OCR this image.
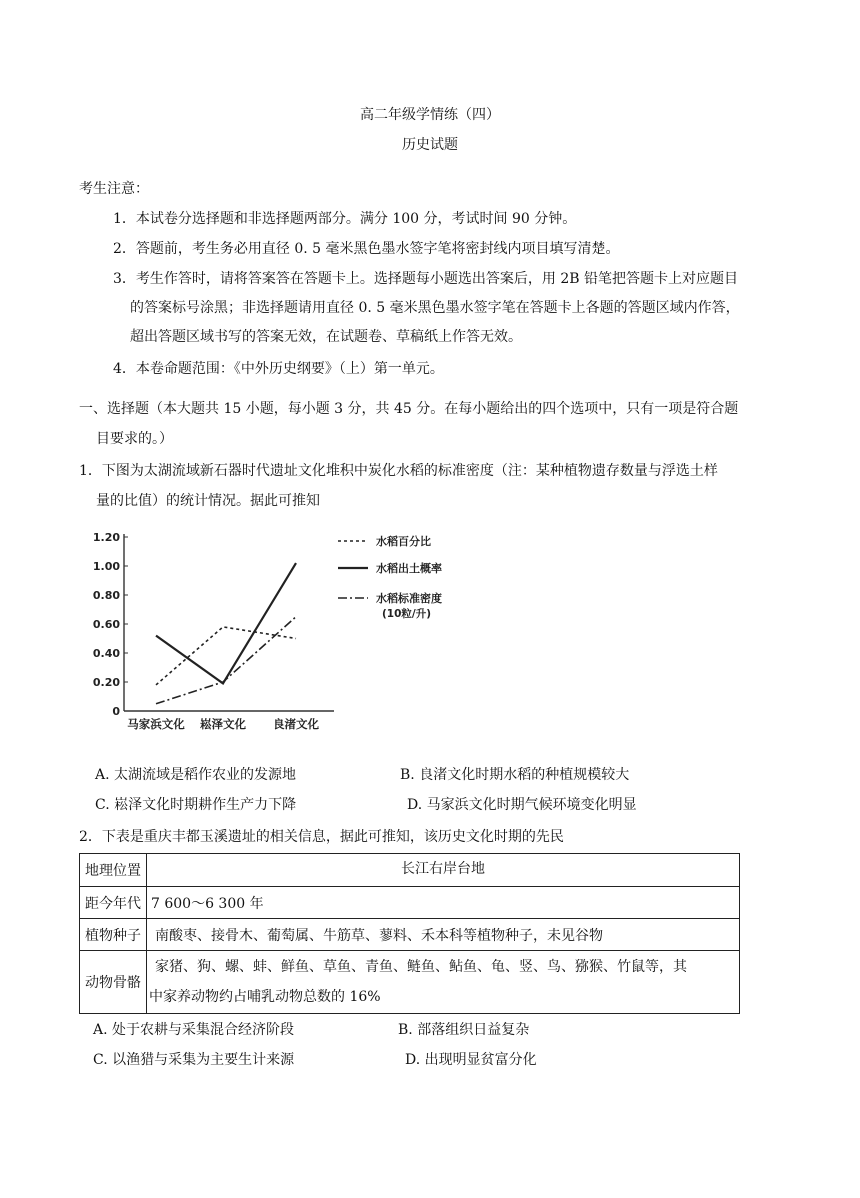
高二年级学情练（四）
历史试题
考生注意：
1．本试卷分选择题和非选择题两部分。满分 100 分，考试时间 90 分钟。
2．答题前，考生务必用直径 0. 5 毫米黑色墨水签字笔将密封线内项目填写清楚。
3．考生作答时，请将答案答在答题卡上。选择题每小题选出答案后，用 2B 铅笔把答题卡上对应题目
的答案标号涂黑；非选择题请用直径 0. 5 毫米黑色墨水签字笔在答题卡上各题的答题区域内作答，
超出答题区域书写的答案无效，在试题卷、草稿纸上作答无效。
4．本卷命题范围：《中外历史纲要》（上）第一单元。
一、选择题（本大题共 15 小题，每小题 3 分，共 45 分。在每小题给出的四个选项中，只有一项是符合题
目要求的。）
1．下图为太湖流域新石器时代遗址文化堆积中炭化水稻的标准密度（注：某种植物遗存数量与浮选土样
量的比值）的统计情况。据此可推知
0
0.20
0.40
0.60
0.80
1.00
1.20
马家浜文化 崧泽文化 良渚文化
水稻百分比
水稻出土概率
水稻标准密度
(10粒/升)
A. 太湖流域是稻作农业的发源地	B. 良渚文化时期水稻的种植规模较大
C. 崧泽文化时期耕作生产力下降	D. 马家浜文化时期气候环境变化明显
2．下表是重庆丰都玉溪遗址的相关信息，据此可推知，该历史文化时期的先民
地理位置	长江右岸台地
距今年代	7 600～6 300 年
植物种子	南酸枣、接骨木、葡萄属、牛筋草、蓼料、禾本科等植物种子，未见谷物
动物骨骼	家猪、狗、螺、蚌、鲜鱼、草鱼、青鱼、鲢鱼、鲇鱼、龟、竖、鸟、猕猴、竹鼠等，其
中家养动物约占哺乳动物总数的 16%
A. 处于农耕与采集混合经济阶段	B. 部落组织日益复杂
C. 以渔猎与采集为主要生计来源	D. 出现明显贫富分化
